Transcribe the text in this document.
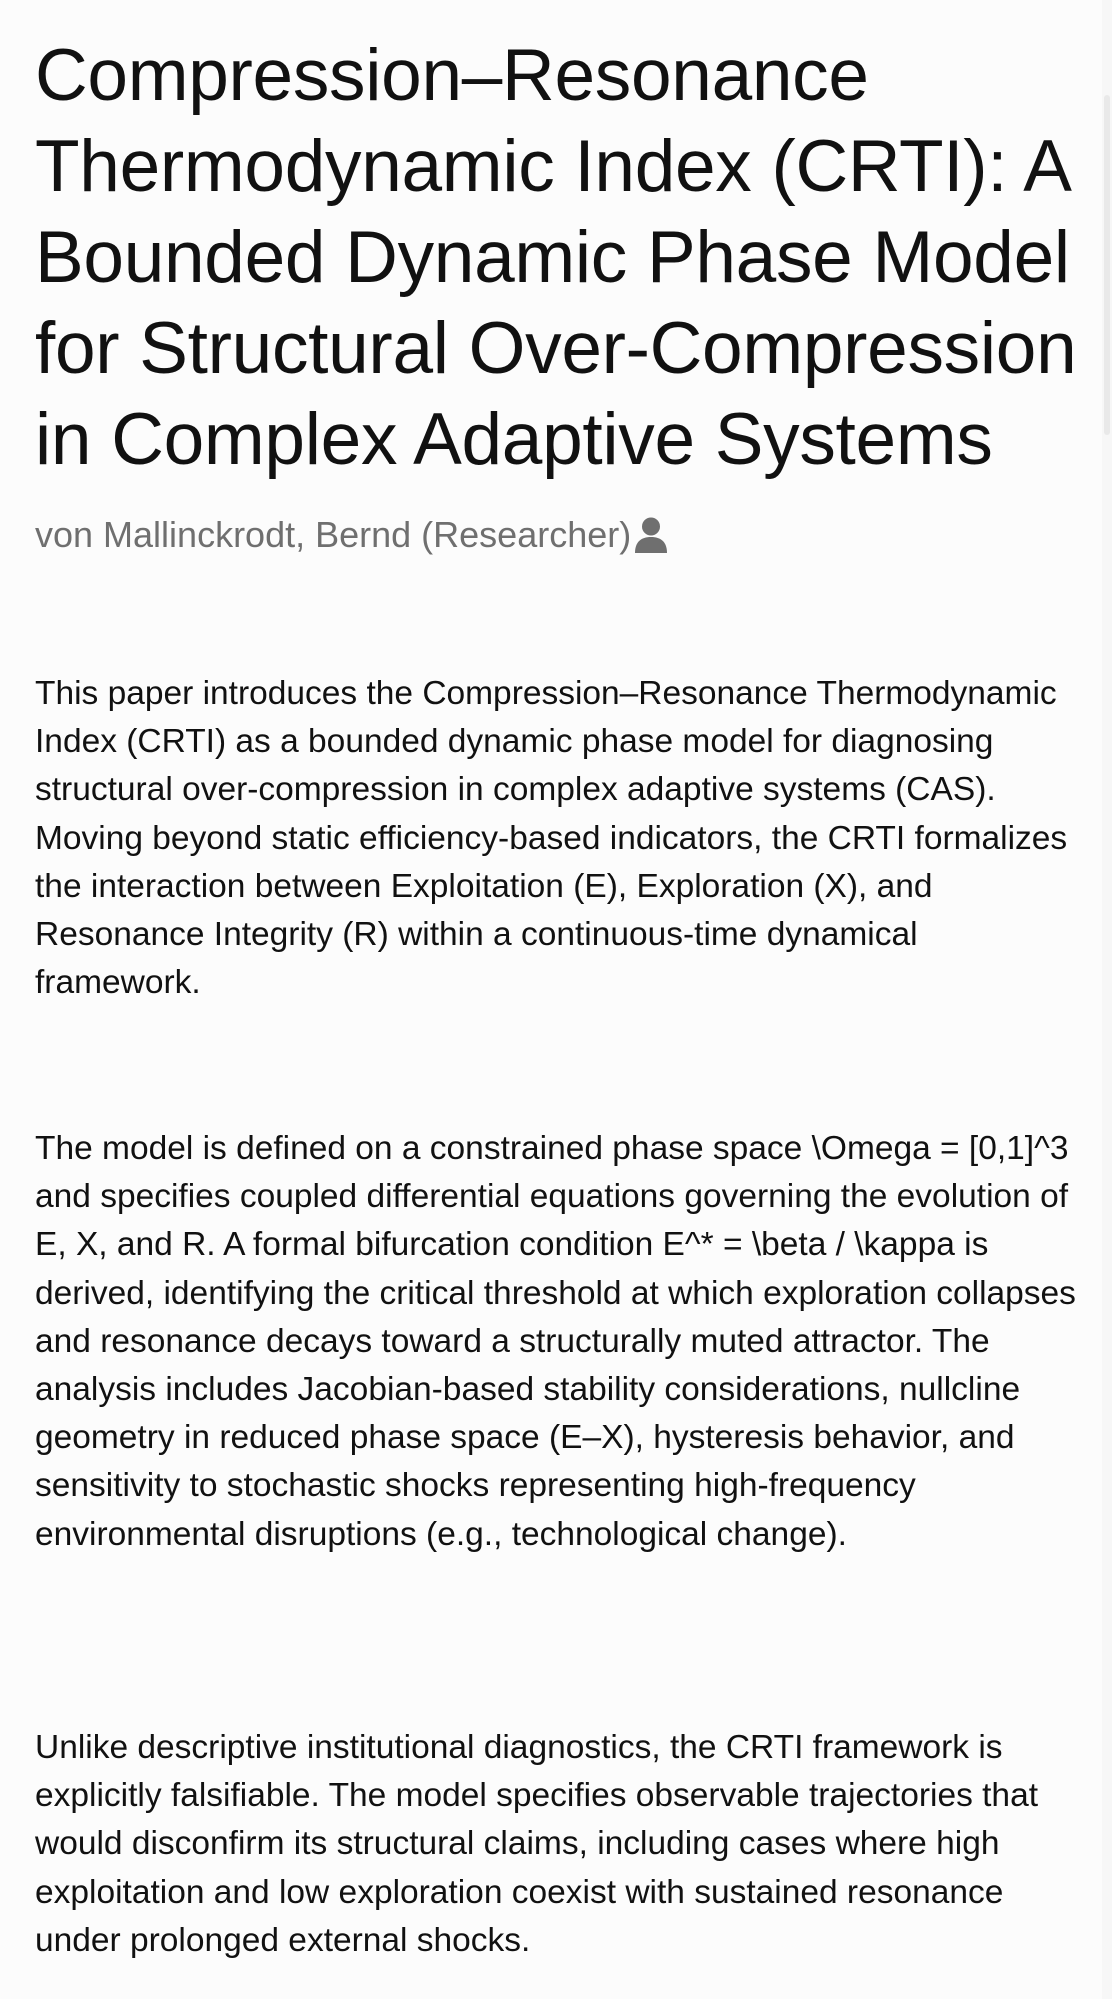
Compression–Resonance Thermodynamic Index (CRTI): A Bounded Dynamic Phase Model for Structural Over-Compression in Complex Adaptive Systems
von Mallinckrodt, Bernd (Researcher)

This paper introduces the Compression–Resonance Thermodynamic Index (CRTI) as a bounded dynamic phase model for diagnosing structural over-compression in complex adaptive systems (CAS). Moving beyond static efficiency-based indicators, the CRTI formalizes the interaction between Exploitation (E), Exploration (X), and Resonance Integrity (R) within a continuous-time dynamical framework.

The model is defined on a constrained phase space \Omega = [0,1]^3 and specifies coupled differential equations governing the evolution of E, X, and R. A formal bifurcation condition E^* = \beta / \kappa is derived, identifying the critical threshold at which exploration collapses and resonance decays toward a structurally muted attractor. The analysis includes Jacobian-based stability considerations, nullcline geometry in reduced phase space (E–X), hysteresis behavior, and sensitivity to stochastic shocks representing high-frequency environmental disruptions (e.g., technological change).

Unlike descriptive institutional diagnostics, the CRTI framework is explicitly falsifiable. The model specifies observable trajectories that would disconfirm its structural claims, including cases where high exploitation and low exploration coexist with sustained resonance under prolonged external shocks.
